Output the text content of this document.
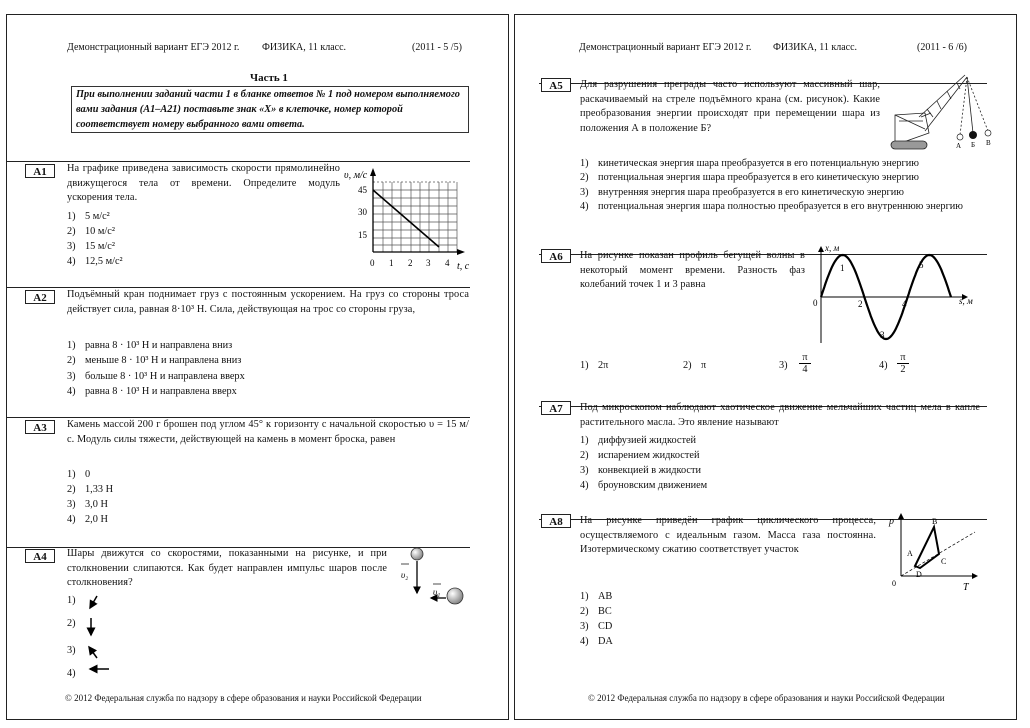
Демонстрационный вариант ЕГЭ 2012 г. ФИЗИКА, 11 класс.	(2011 - 5 /5)
Часть 1
При выполнении заданий части 1 в бланке ответов № 1 под номером выполняемого вами задания (А1–А21) поставьте знак «Х» в клеточке, номер которой соответствует номеру выбранного вами ответа.
А1	На графике приведена зависимость скорости прямолинейно движущегося тела от времени. Определите модуль ускорения тела.
1) 5 м/с²
2) 10 м/с²
3) 15 м/с²
4) 12,5 м/с²
υ, м/с
t, с
45
30
15
0 1 2 3 4
А2	Подъёмный кран поднимает груз с постоянным ускорением. На груз со стороны троса действует сила, равная 8·10³ Н. Сила, действующая на трос со стороны груза,
1) равна 8 · 10³ Н и направлена вниз
2) меньше 8 · 10³ Н и направлена вниз
3) больше 8 · 10³ Н и направлена вверх
4) равна 8 · 10³ Н и направлена вверх
А3	Камень массой 200 г брошен под углом 45° к горизонту с начальной скоростью υ = 15 м/с. Модуль силы тяжести, действующей на камень в момент броска, равен
1) 0
2) 1,33 Н
3) 3,0 Н
4) 2,0 Н
А4	Шары движутся со скоростями, показанными на рисунке, и при столкновении слипаются. Как будет направлен импульс шаров после столкновения?
1)
2)
3)
4)
υ₂
υ₁
© 2012 Федеральная служба по надзору в сфере образования и науки Российской Федерации
Демонстрационный вариант ЕГЭ 2012 г. ФИЗИКА, 11 класс.	(2011 - 6 /6)
А5	Для разрушения преграды часто используют массивный шар, раскачиваемый на стреле подъёмного крана (см. рисунок). Какие преобразования энергии происходят при перемещении шара из положения А в положение Б?
А Б В
1) кинетическая энергия шара преобразуется в его потенциальную энергию
2) потенциальная энергия шара преобразуется в его кинетическую энергию
3) внутренняя энергия шара преобразуется в его кинетическую энергию
4) потенциальная энергия шара полностью преобразуется в его внутреннюю энергию
А6	На рисунке показан профиль бегущей волны в некоторый момент времени. Разность фаз колебаний точек 1 и 3 равна
x, м
s, м
0	2	4
1
3
5
1) 2π	2) π	3)
π
4	4)
π
2
А7	Под микроскопом наблюдают хаотическое движение мельчайших частиц мела в капле растительного масла. Это явление называют
1) диффузией жидкостей
2) испарением жидкостей
3) конвекцией в жидкости
4) броуновским движением
А8	На рисунке приведён график циклического процесса, осуществляемого с идеальным газом. Масса газа постоянна. Изотермическому сжатию соответствует участок
p
T
0
А
В
С
D
1) АВ
2) ВС
3) CD
4) DA
© 2012 Федеральная служба по надзору в сфере образования и науки Российской Федерации
